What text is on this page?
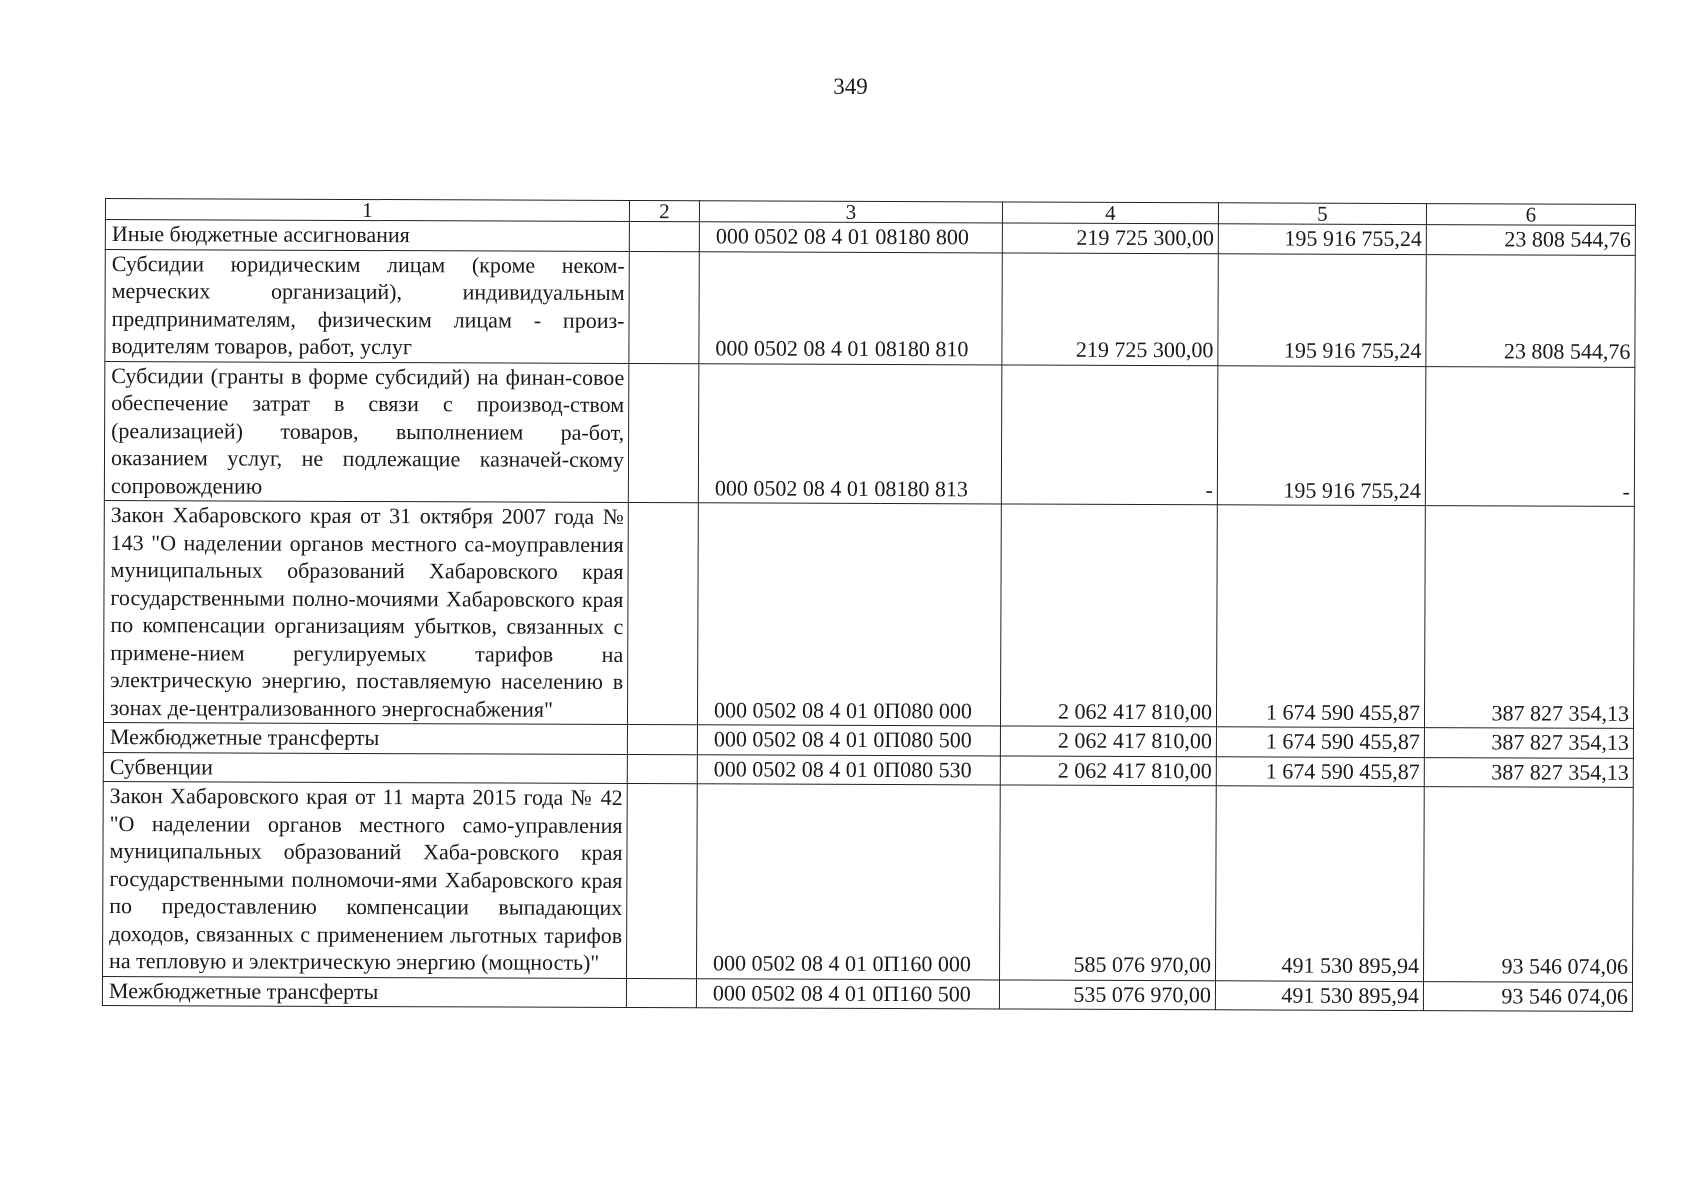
349
1	2	3	4	5	6
Иные бюджетные ассигнования		000 0502 08 4 01 08180 800	219 725 300,00	195 916 755,24	23 808 544,76
Субсидии юридическим лицам (кроме неком-мерческих организаций), индивидуальным предпринимателям, физическим лицам - произ-водителям товаров, работ, услуг		000 0502 08 4 01 08180 810	219 725 300,00	195 916 755,24	23 808 544,76
Субсидии (гранты в форме субсидий) на финан-совое обеспечение затрат в связи с производ-ством (реализацией) товаров, выполнением ра-бот, оказанием услуг, не подлежащие казначей-скому сопровождению		000 0502 08 4 01 08180 813	-	195 916 755,24	-
Закон Хабаровского края от 31 октября 2007 года № 143 "О наделении органов местного са-моуправления муниципальных образований Хабаровского края государственными полно-мочиями Хабаровского края по компенсации организациям убытков, связанных с примене-нием регулируемых тарифов на электрическую энергию, поставляемую населению в зонах де-централизованного энергоснабжения"		000 0502 08 4 01 0П080 000	2 062 417 810,00	1 674 590 455,87	387 827 354,13
Межбюджетные трансферты		000 0502 08 4 01 0П080 500	2 062 417 810,00	1 674 590 455,87	387 827 354,13
Субвенции		000 0502 08 4 01 0П080 530	2 062 417 810,00	1 674 590 455,87	387 827 354,13
Закон Хабаровского края от 11 марта 2015 года № 42 "О наделении органов местного само-управления муниципальных образований Хаба-ровского края государственными полномочи-ями Хабаровского края по предоставлению компенсации выпадающих доходов, связанных с применением льготных тарифов на тепловую и электрическую энергию (мощность)"		000 0502 08 4 01 0П160 000	585 076 970,00	491 530 895,94	93 546 074,06
Межбюджетные трансферты		000 0502 08 4 01 0П160 500	535 076 970,00	491 530 895,94	93 546 074,06
